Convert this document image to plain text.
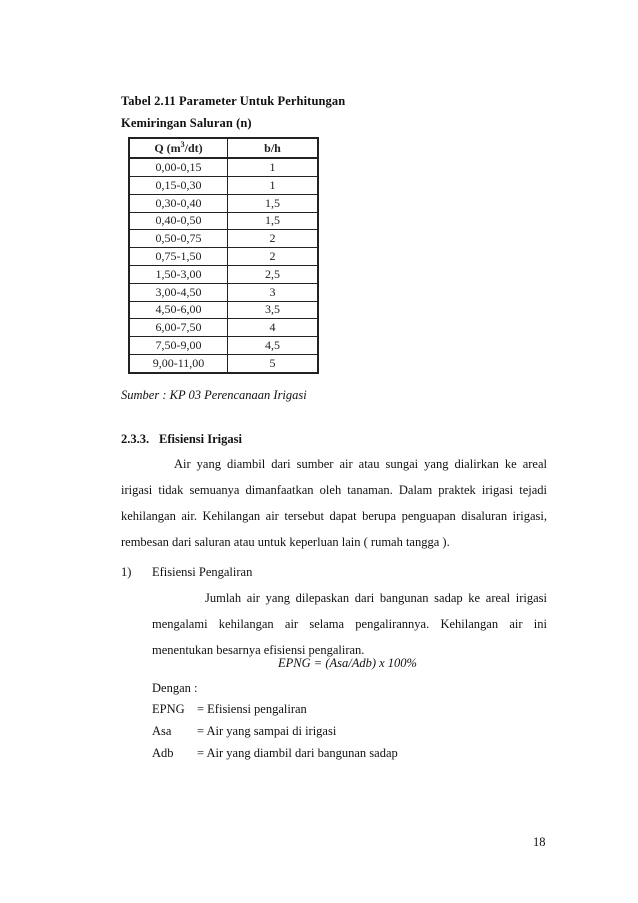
Tabel 2.11 Parameter Untuk Perhitungan
Kemiringan Saluran (n)
Q $(m^3/dt)$	b/h
0,00-0,15	1
0,15-0,30	1
0,30-0,40	1,5
0,40-0,50	1,5
0,50-0,75	2
0,75-1,50	2
1,50-3,00	2,5
3,00-4,50	3
4,50-6,00	3,5
6,00-7,50	4
7,50-9,00	4,5
9,00-11,00	5
Sumber : KP 03 Perencanaan Irigasi
2.3.3. Efisiensi Irigasi
Air yang diambil dari sumber air atau sungai yang dialirkan ke areal irigasi tidak semuanya dimanfaatkan oleh tanaman. Dalam praktek irigasi tejadi kehilangan air. Kehilangan air tersebut dapat berupa penguapan disaluran irigasi, rembesan dari saluran atau untuk keperluan lain ( rumah tangga ).
1) Efisiensi Pengaliran
Jumlah air yang dilepaskan dari bangunan sadap ke areal irigasi mengalami kehilangan air selama pengalirannya. Kehilangan air ini menentukan besarnya efisiensi pengaliran.
EPNG = (Asa/Adb) x 100%
Dengan :
EPNG = Efisiensi pengaliran
Asa = Air yang sampai di irigasi
Adb = Air yang diambil dari bangunan sadap
18
